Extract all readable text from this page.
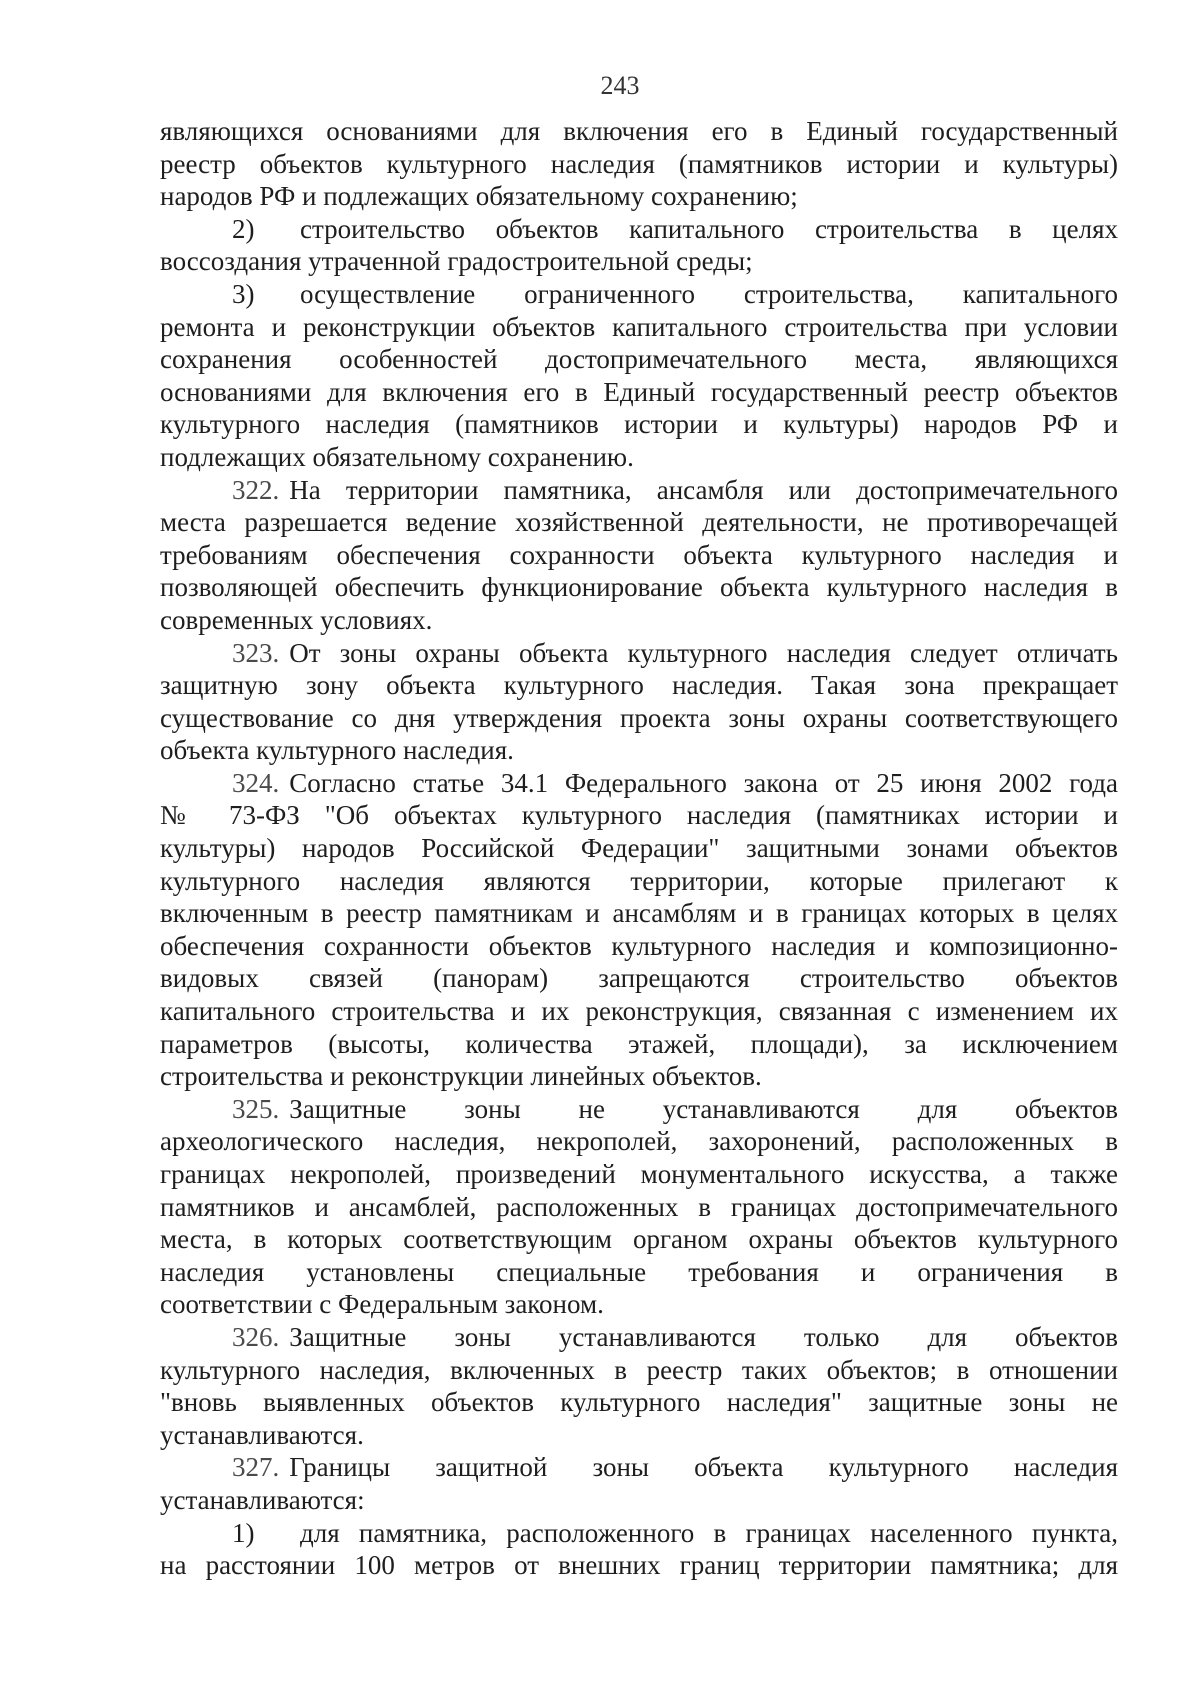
243

являющихся основаниями для включения его в Единый государственный

реестр объектов культурного наследия (памятников истории и культуры)

народов РФ и подлежащих обязательному сохранению;

2) строительство объектов капитального строительства в целях

воссоздания утраченной градостроительной среды;

3) осуществление ограниченного строительства, капитального

ремонта и реконструкции объектов капитального строительства при условии

сохранения особенностей достопримечательного места, являющихся

основаниями для включения его в Единый государственный реестр объектов

культурного наследия (памятников истории и культуры) народов РФ и

подлежащих обязательному сохранению.

322. На территории памятника, ансамбля или достопримечательного

места разрешается ведение хозяйственной деятельности, не противоречащей

требованиям обеспечения сохранности объекта культурного наследия и

позволяющей обеспечить функционирование объекта культурного наследия в

современных условиях.

323. От зоны охраны объекта культурного наследия следует отличать

защитную зону объекта культурного наследия. Такая зона прекращает

существование со дня утверждения проекта зоны охраны соответствующего

объекта культурного наследия.

324. Согласно статье 34.1 Федерального закона от 25 июня 2002 года

№ 73-ФЗ "Об объектах культурного наследия (памятниках истории и

культуры) народов Российской Федерации" защитными зонами объектов

культурного наследия являются территории, которые прилегают к

включенным в реестр памятникам и ансамблям и в границах которых в целях

обеспечения сохранности объектов культурного наследия и композиционно-

видовых связей (панорам) запрещаются строительство объектов

капитального строительства и их реконструкция, связанная с изменением их

параметров (высоты, количества этажей, площади), за исключением

строительства и реконструкции линейных объектов.

325. Защитные зоны не устанавливаются для объектов

археологического наследия, некрополей, захоронений, расположенных в

границах некрополей, произведений монументального искусства, а также

памятников и ансамблей, расположенных в границах достопримечательного

места, в которых соответствующим органом охраны объектов культурного

наследия установлены специальные требования и ограничения в

соответствии с Федеральным законом.

326. Защитные зоны устанавливаются только для объектов

культурного наследия, включенных в реестр таких объектов; в отношении

"вновь выявленных объектов культурного наследия" защитные зоны не

устанавливаются.

327. Границы защитной зоны объекта культурного наследия

устанавливаются:

1) для памятника, расположенного в границах населенного пункта,

на расстоянии 100 метров от внешних границ территории памятника; для
